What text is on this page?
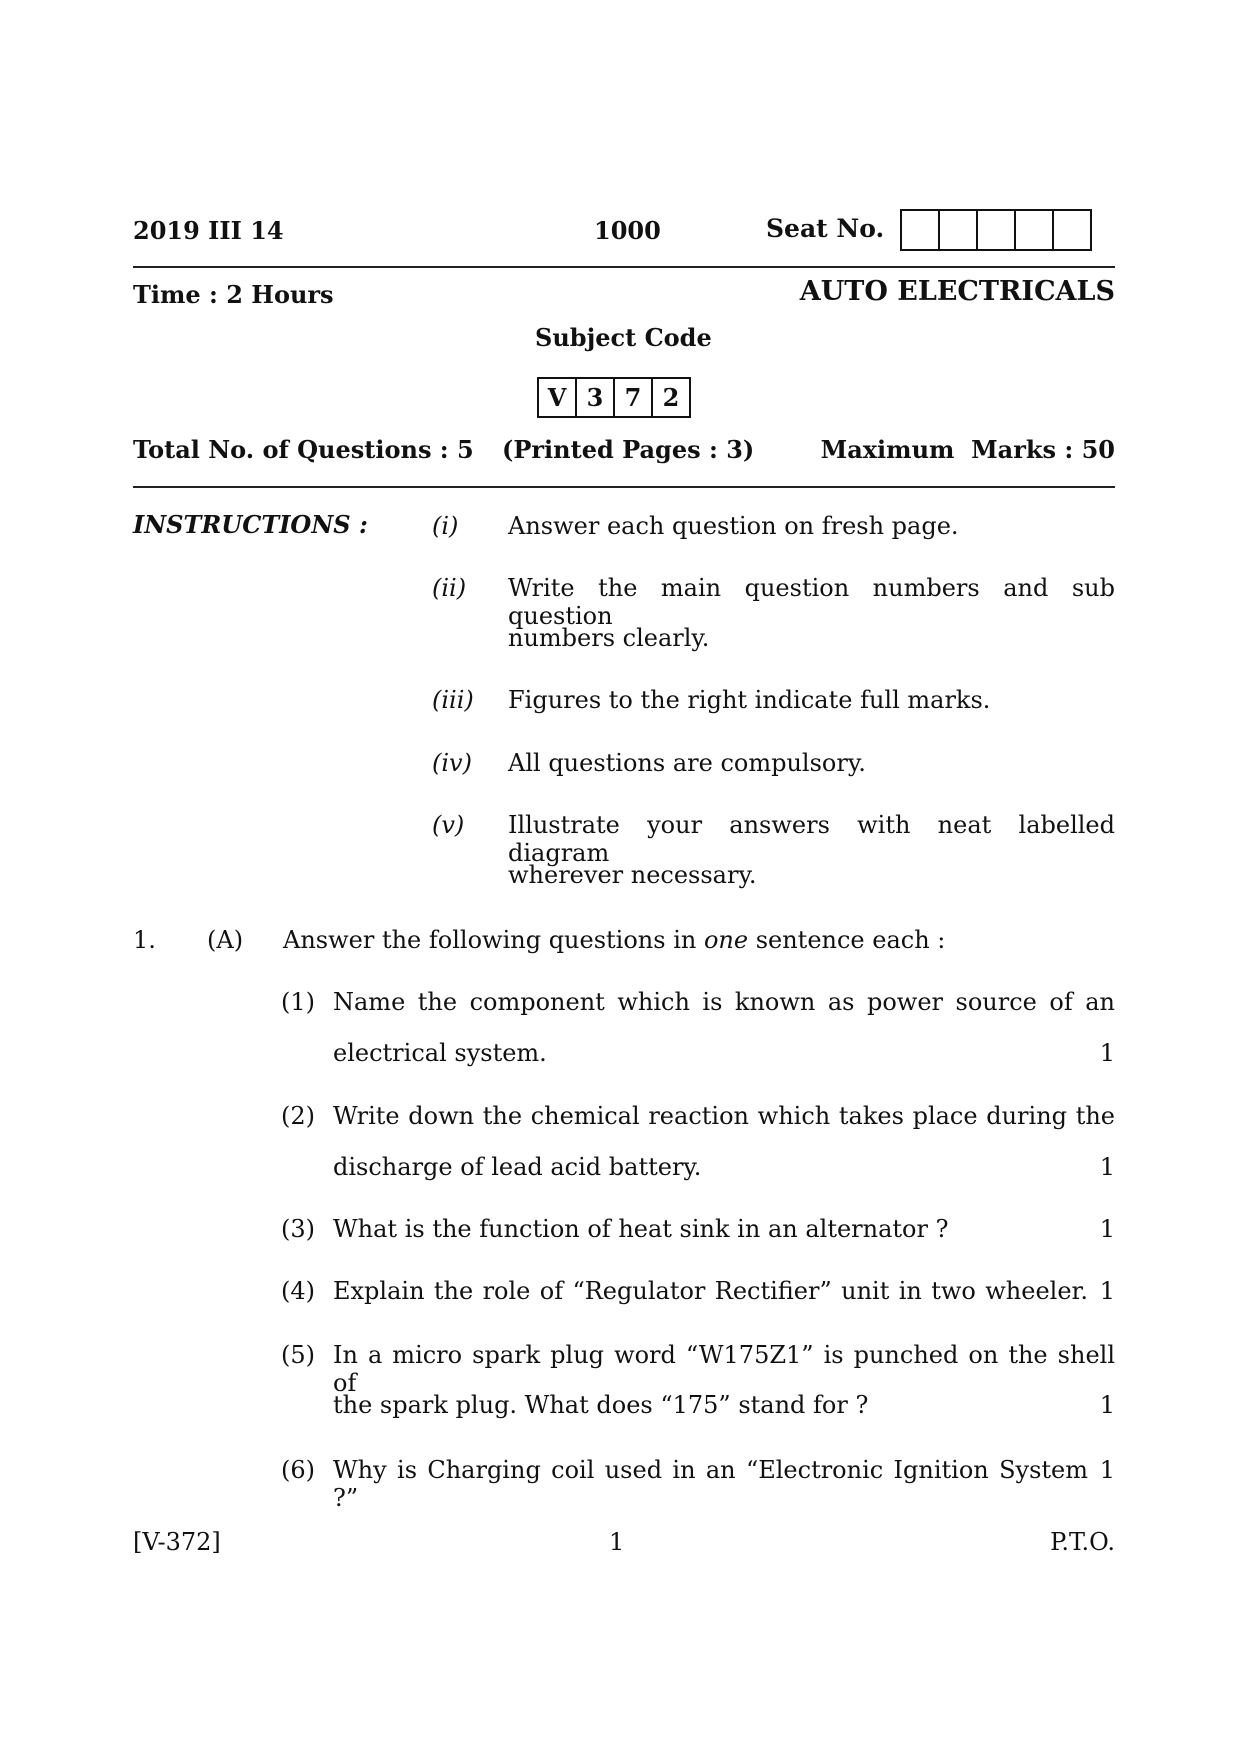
2019 III 14	1000	Seat No.
Time : 2 Hours	AUTO ELECTRICALS
Subject Code
V 3 7 2
Total No. of Questions : 5 (Printed Pages : 3)	Maximum  Marks : 50
INSTRUCTIONS :	(i) Answer each question on fresh page.
(ii) Write the main question numbers and sub question
numbers clearly.
(iii) Figures to the right indicate full marks.
(iv) All questions are compulsory.
(v) Illustrate your answers with neat labelled diagram
wherever necessary.
1. (A) Answer the following questions in one sentence each :
(1) Name the component which is known as power source of an
electrical system.	1
(2) Write down the chemical reaction which takes place during the
discharge of lead acid battery.	1
(3) What is the function of heat sink in an alternator ?	1
(4) Explain the role of “Regulator Rectifier” unit in two wheeler. 1
(5) In a micro spark plug word “W175Z1” is punched on the shell of
the spark plug. What does “175” stand for ?	1
(6) Why is Charging coil used in an “Electronic Ignition System ?”
1
[V-372]	1	P.T.O.
